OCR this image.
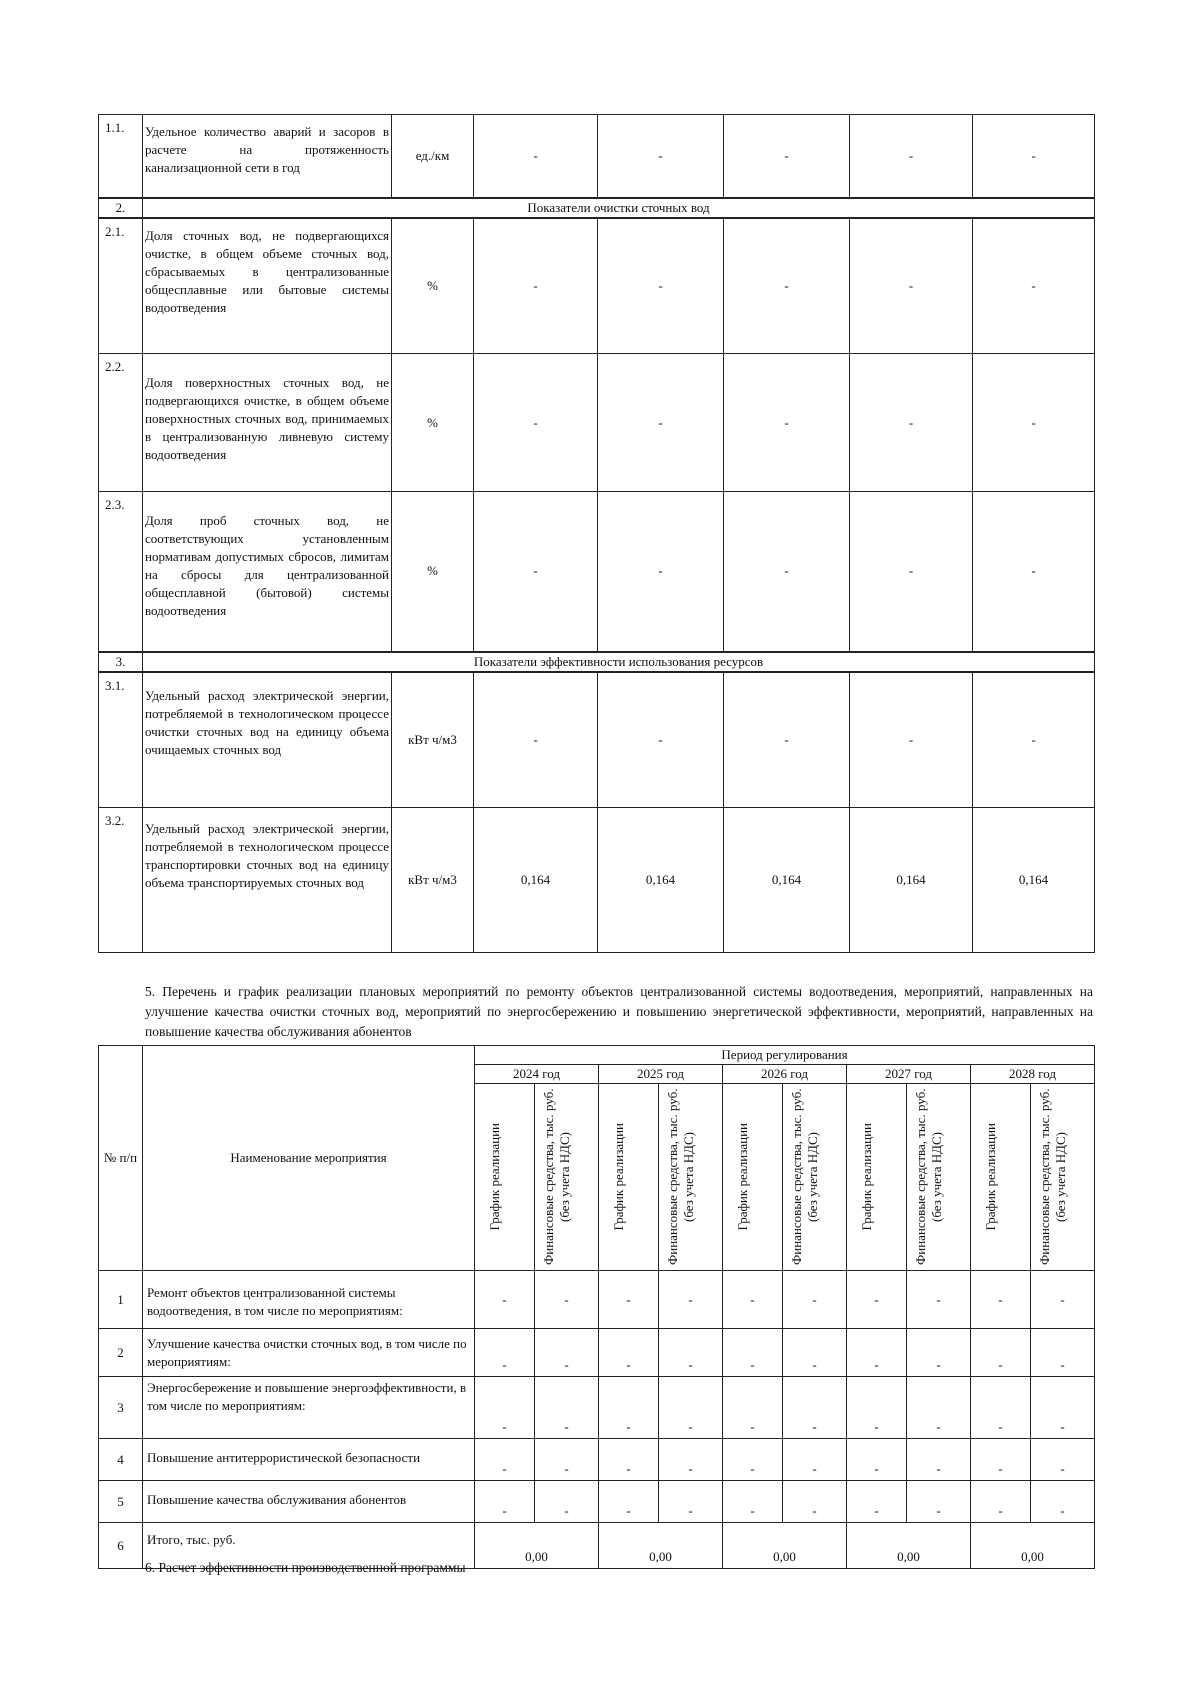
1.1.	Удельное количество аварий и засоров в расчете на протяженность канализационной сети в год	ед./км	-	-	-	-	-
2.	Показатели очистки сточных вод						
2.1.	Доля сточных вод, не подвергающихся очистке, в общем объеме сточных вод, сбрасываемых в централизованные общесплавные или бытовые системы водоотведения	%	-	-	-	-	-
2.2.	Доля поверхностных сточных вод, не подвергающихся очистке, в общем объеме поверхностных сточных вод, принимаемых в централизованную ливневую систему водоотведения	%	-	-	-	-	-
2.3.	Доля проб сточных вод, не соответствующих установленным нормативам допустимых сбросов, лимитам на сбросы для централизованной общесплавной (бытовой) системы водоотведения	%	-	-	-	-	-
3.	Показатели эффективности использования ресурсов						
3.1.	Удельный расход электрической энергии, потребляемой в технологическом процессе очистки сточных вод на единицу объема очищаемых сточных вод	кВт ч/м3	-	-	-	-	-
3.2.	Удельный расход электрической энергии, потребляемой в технологическом процессе транспортировки сточных вод на единицу объема транспортируемых сточных вод	кВт ч/м3	0,164	0,164	0,164	0,164	0,164
5. Перечень и график реализации плановых мероприятий по ремонту объектов централизованной системы водоотведения, мероприятий, направленных на улучшение качества очистки сточных вод, мероприятий по энергосбережению и повышению энергетической эффективности, мероприятий, направленных на повышение качества обслуживания абонентов
№ п/п	Наименование мероприятия	Период регулирования									
		2024 год		2025 год		2026 год		2027 год		2028 год	

		График реализации	Финансовые средства, тыс. руб. (без учета НДС)	График реализации	Финансовые средства, тыс. руб. (без учета НДС)	График реализации	Финансовые средства, тыс. руб. (без учета НДС)	График реализации	Финансовые средства, тыс. руб. (без учета НДС)	График реализации	Финансовые средства, тыс. руб. (без учета НДС)

1	Ремонт объектов централизованной системы водоотведения, в том числе по мероприятиям:	-	-	-	-	-	-	-	-	-	-
2	Улучшение качества очистки сточных вод, в том числе по мероприятиям:	-	-	-	-	-	-	-	-	-	-
3	Энергосбережение и повышение энергоэффективности, в том числе по мероприятиям:	-	-	-	-	-	-	-	-	-	-
4	Повышение антитеррористической безопасности	-	-	-	-	-	-	-	-	-	-
5	Повышение качества обслуживания абонентов	-	-	-	-	-	-	-	-	-	-
6	Итого, тыс. руб.	0,00		0,00		0,00		0,00		0,00	
6. Расчет эффективности производственной программы
